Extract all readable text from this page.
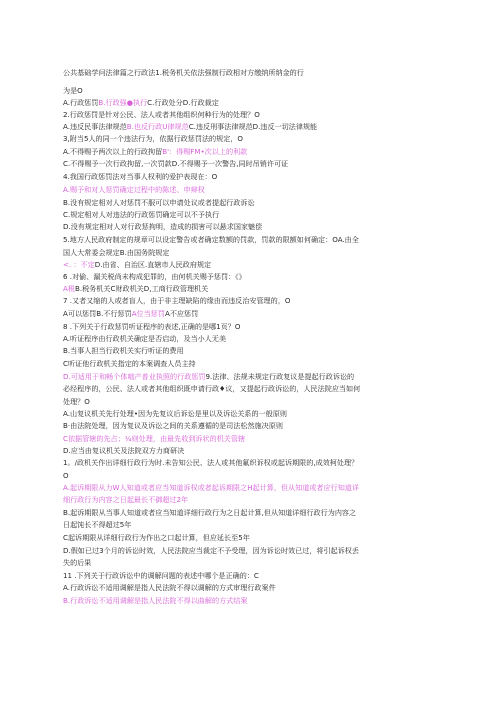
公共基础学问法律篇之行政法1.税务机关依法强制行政相对方缴纳所纳金的行
为是O
A.行政惩罚B.行政强●执行C.行政处分D.行政裁定
2.行政惩罚是针对公民、法人或者其他组织何种行为的处理？O
A.违反民事法律规范B.也反行政U律规范C.违反刑事法律规范D.违反一切法律规能
3,附当5人的同一个违法行为，依据行政惩罚法的规定，O
A.不得赐予两次以上的行政拘留B'：得赐FM•次以上的利款
C.不得赐予一次行政拘留,一次罚款D.不得赐予一次警告,同时吊销许可证
4.我国行政惩罚法对当事人权利的爱护表现在：O
A.赐予和对人惩罚确定过程中的陈述、申辩权
B.没有规定相对人对惩罚不服可以申请处议或者提起行政诉讼
C.规定相对人对违法的行政惩罚确定可以不予执行
D.没有规定相对人对行政惩拘明，造成的损害可以悬求国家魅偿
5.地方人民政府制定的规章可以设定警告或者确定数额的罚款，罚款的限额如何确定：OA.由全
国人大常委会规定B.由国务院规定
<. ：不定D.由省、自治区.直辖市人民政府规定
6 .对偷、漏关税尚未构成犯罪的，由何机关赐予惩罚：《》
A税B.税务机关C财政机关D,工商行政管理机关
7 .又者又缩的人或者盲人，由于非主理缺陷的缘由而违反治安管理的，O
A可以惩罚B.不行惩罚A位当惩罚A不应惩罚
8 .下列关于行政惩罚听证程序的表述,正确的是哪1页？O
A.听证程序由行政机关确定是否启动，及当小人无美
B.当事人担当行政机关实行听证的费用
C听证他行政机关指定的本案调查人员主持
D.可适用于和畅个体啮产普业执照的行政惩罚9.法律、法规未规定行政复议是提起行政诉讼的
必经程序的，公民、法人或者其他组织既申请行政♦议，又提起行政诉讼的，人民法院应当如何
处理？O
A.山复议机关先行处理•因为先复议后诉讼是里以及诉讼关系的一般原则
B·由法院处理，因为复议及诉讼之间的关系遵循的是司法松然施决原则
C依据管辖的先占；¼则处理，由最先收到诉状的机关管辖
D.应当由复议机关及法院双方力商研决
1。/政机关作出详细行政行为时.未告知公民、法人或其他氟织诉权或起诉期限的,成效柯处理？
O
A.起诉期限从力W人知道或者应当知道诉权或者起诉期限之H起计算，但从知道或者应行知道详
细行政行为内容之日起最长不御超过2年
B.起诉期限从当事人知道或者应当知道详细行政行为之日起计算,但从知道详细行政行为内容之
日起饨长不得超过5年
C起诉期限从详细行政行为作出之口起计算，但应延长至5年
D.假如已过3个月的诉讼时效，人民法院应当裁定不予受理，因为诉讼时效已过，将引起诉权丢
失的后果
11 .下列关于行政诉讼中的调解问题的表述中哪个是正确的：C
A.行政诉讼不适用调解是指人民法院不得以调解的方式审理行政案件
B.行政诉讼不适用调解是指人民法院不得以曲解的方式结案
